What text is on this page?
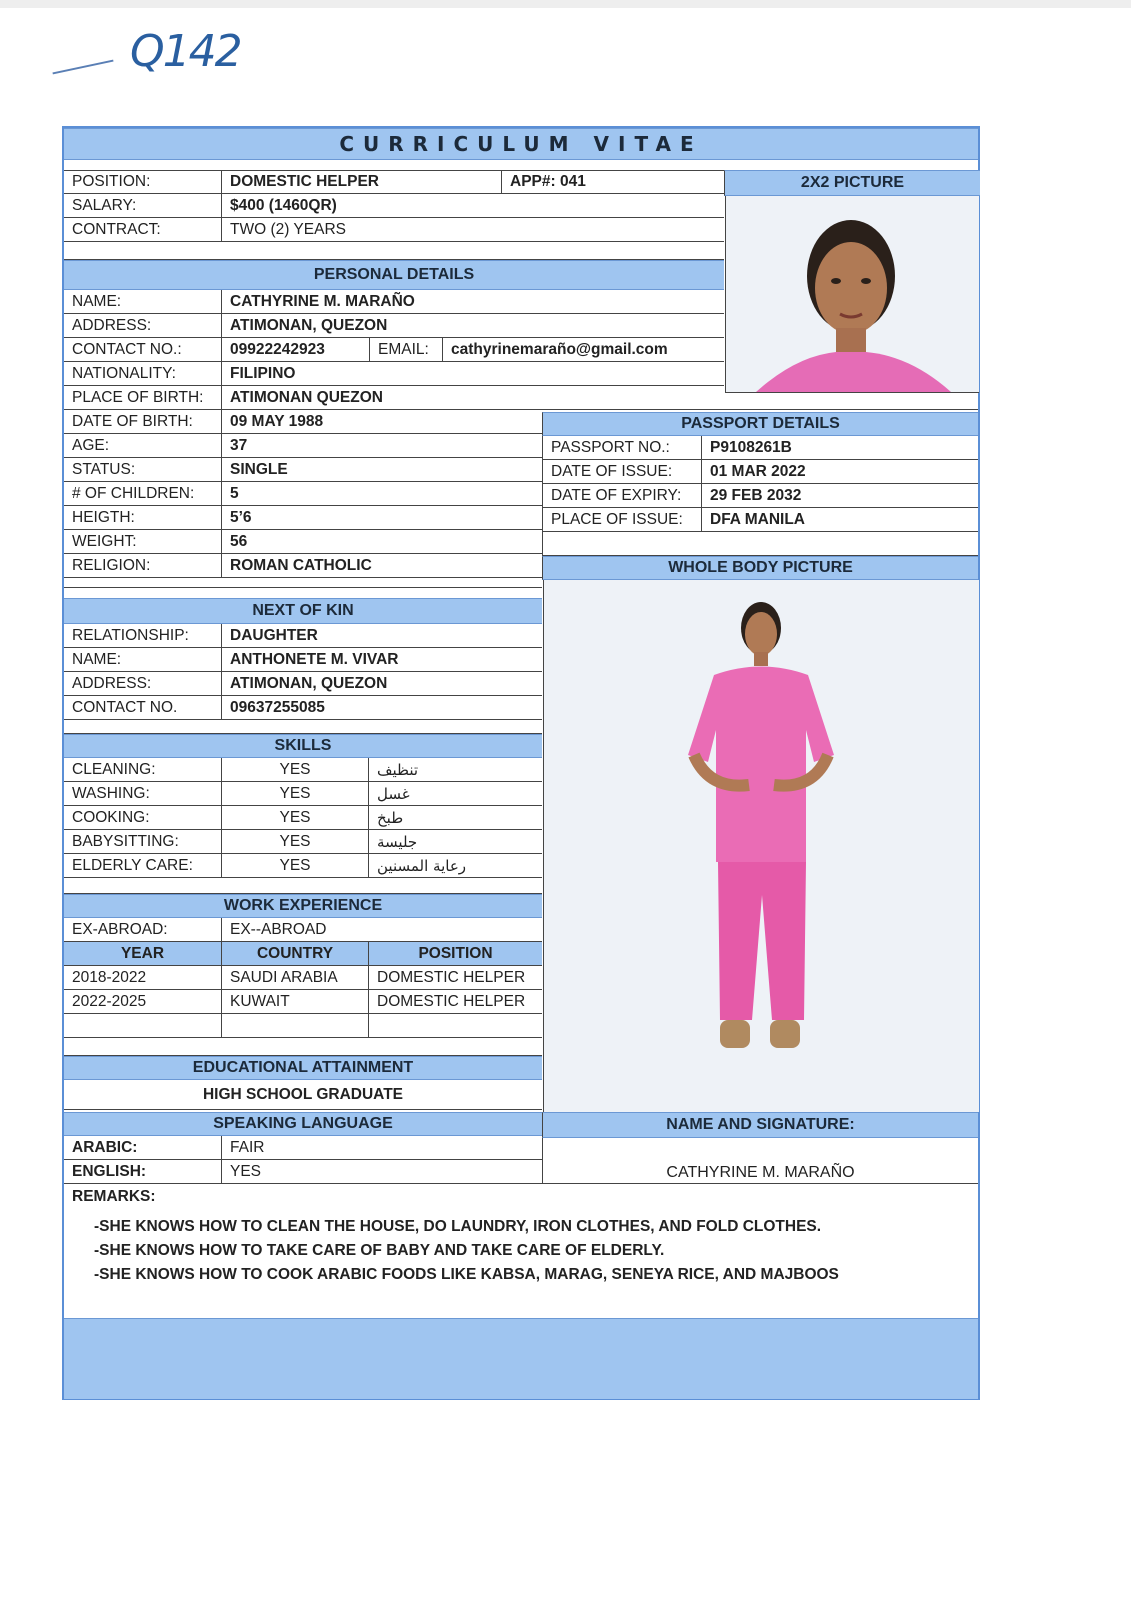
Q142
CURRICULUM VITAE
POSITION:	DOMESTIC HELPER	APP#: 041
SALARY:	$400 (1460QR)
CONTRACT:	TWO (2) YEARS
2X2 PICTURE
PERSONAL DETAILS
NAME:	CATHYRINE M. MARAÑO
ADDRESS:	ATIMONAN, QUEZON
CONTACT NO.:	09922242923	EMAIL:	cathyrinemaraño@gmail.com
NATIONALITY:	FILIPINO
PLACE OF BIRTH:	ATIMONAN QUEZON
DATE OF BIRTH:	09 MAY 1988
AGE:	37
STATUS:	SINGLE
# OF CHILDREN:	5
HEIGTH:	5’6
WEIGHT:	56
RELIGION:	ROMAN CATHOLIC
PASSPORT DETAILS
PASSPORT NO.:	P9108261B
DATE OF ISSUE:	01 MAR 2022
DATE OF EXPIRY:	29 FEB 2032
PLACE OF ISSUE:	DFA MANILA
WHOLE BODY PICTURE
NEXT OF KIN
RELATIONSHIP:	DAUGHTER
NAME:	ANTHONETE M. VIVAR
ADDRESS:	ATIMONAN, QUEZON
CONTACT NO.	09637255085
SKILLS
CLEANING:	YES	تنظيف
WASHING:	YES	غسل
COOKING:	YES	طبخ
BABYSITTING:	YES	جليسة
ELDERLY CARE:	YES	رعاية المسنين
WORK EXPERIENCE
EX-ABROAD:	EX--ABROAD
YEAR	COUNTRY	POSITION
2018-2022	SAUDI ARABIA	DOMESTIC HELPER
2022-2025	KUWAIT	DOMESTIC HELPER
EDUCATIONAL ATTAINMENT
HIGH SCHOOL GRADUATE
SPEAKING LANGUAGE
ARABIC:	FAIR
ENGLISH:	YES
NAME AND SIGNATURE:
CATHYRINE M. MARAÑO
REMARKS:
-SHE KNOWS HOW TO CLEAN THE HOUSE, DO LAUNDRY, IRON CLOTHES, AND FOLD CLOTHES.
-SHE KNOWS HOW TO TAKE CARE OF BABY AND TAKE CARE OF ELDERLY.
-SHE KNOWS HOW TO COOK ARABIC FOODS LIKE KABSA, MARAG, SENEYA RICE, AND MAJBOOS
